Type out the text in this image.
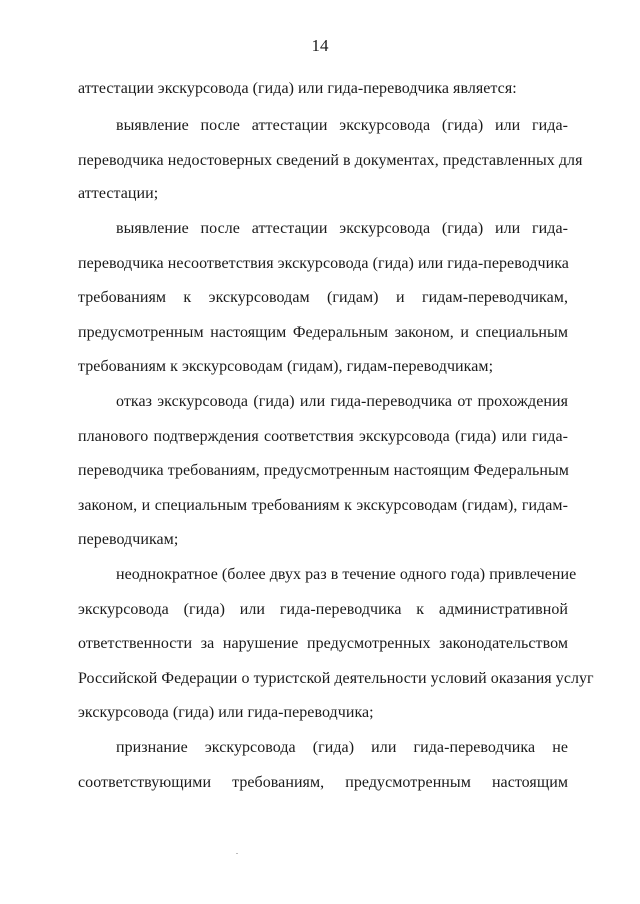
14
аттестации экскурсовода (гида) или гида-переводчика является:
выявление после аттестации экскурсовода (гида) или гида-
переводчика недостоверных сведений в документах, представленных для
аттестации;
выявление после аттестации экскурсовода (гида) или гида-
переводчика несоответствия экскурсовода (гида) или гида-переводчика
требованиям к экскурсоводам (гидам) и гидам-переводчикам,
предусмотренным настоящим Федеральным законом, и специальным
требованиям к экскурсоводам (гидам), гидам-переводчикам;
отказ экскурсовода (гида) или гида-переводчика от прохождения
планового подтверждения соответствия экскурсовода (гида) или гида-
переводчика требованиям, предусмотренным настоящим Федеральным
законом, и специальным требованиям к экскурсоводам (гидам), гидам-
переводчикам;
неоднократное (более двух раз в течение одного года) привлечение
экскурсовода (гида) или гида-переводчика к административной
ответственности за нарушение предусмотренных законодательством
Российской Федерации о туристской деятельности условий оказания услуг
экскурсовода (гида) или гида-переводчика;
признание экскурсовода (гида) или гида-переводчика не
соответствующими требованиям, предусмотренным настоящим
